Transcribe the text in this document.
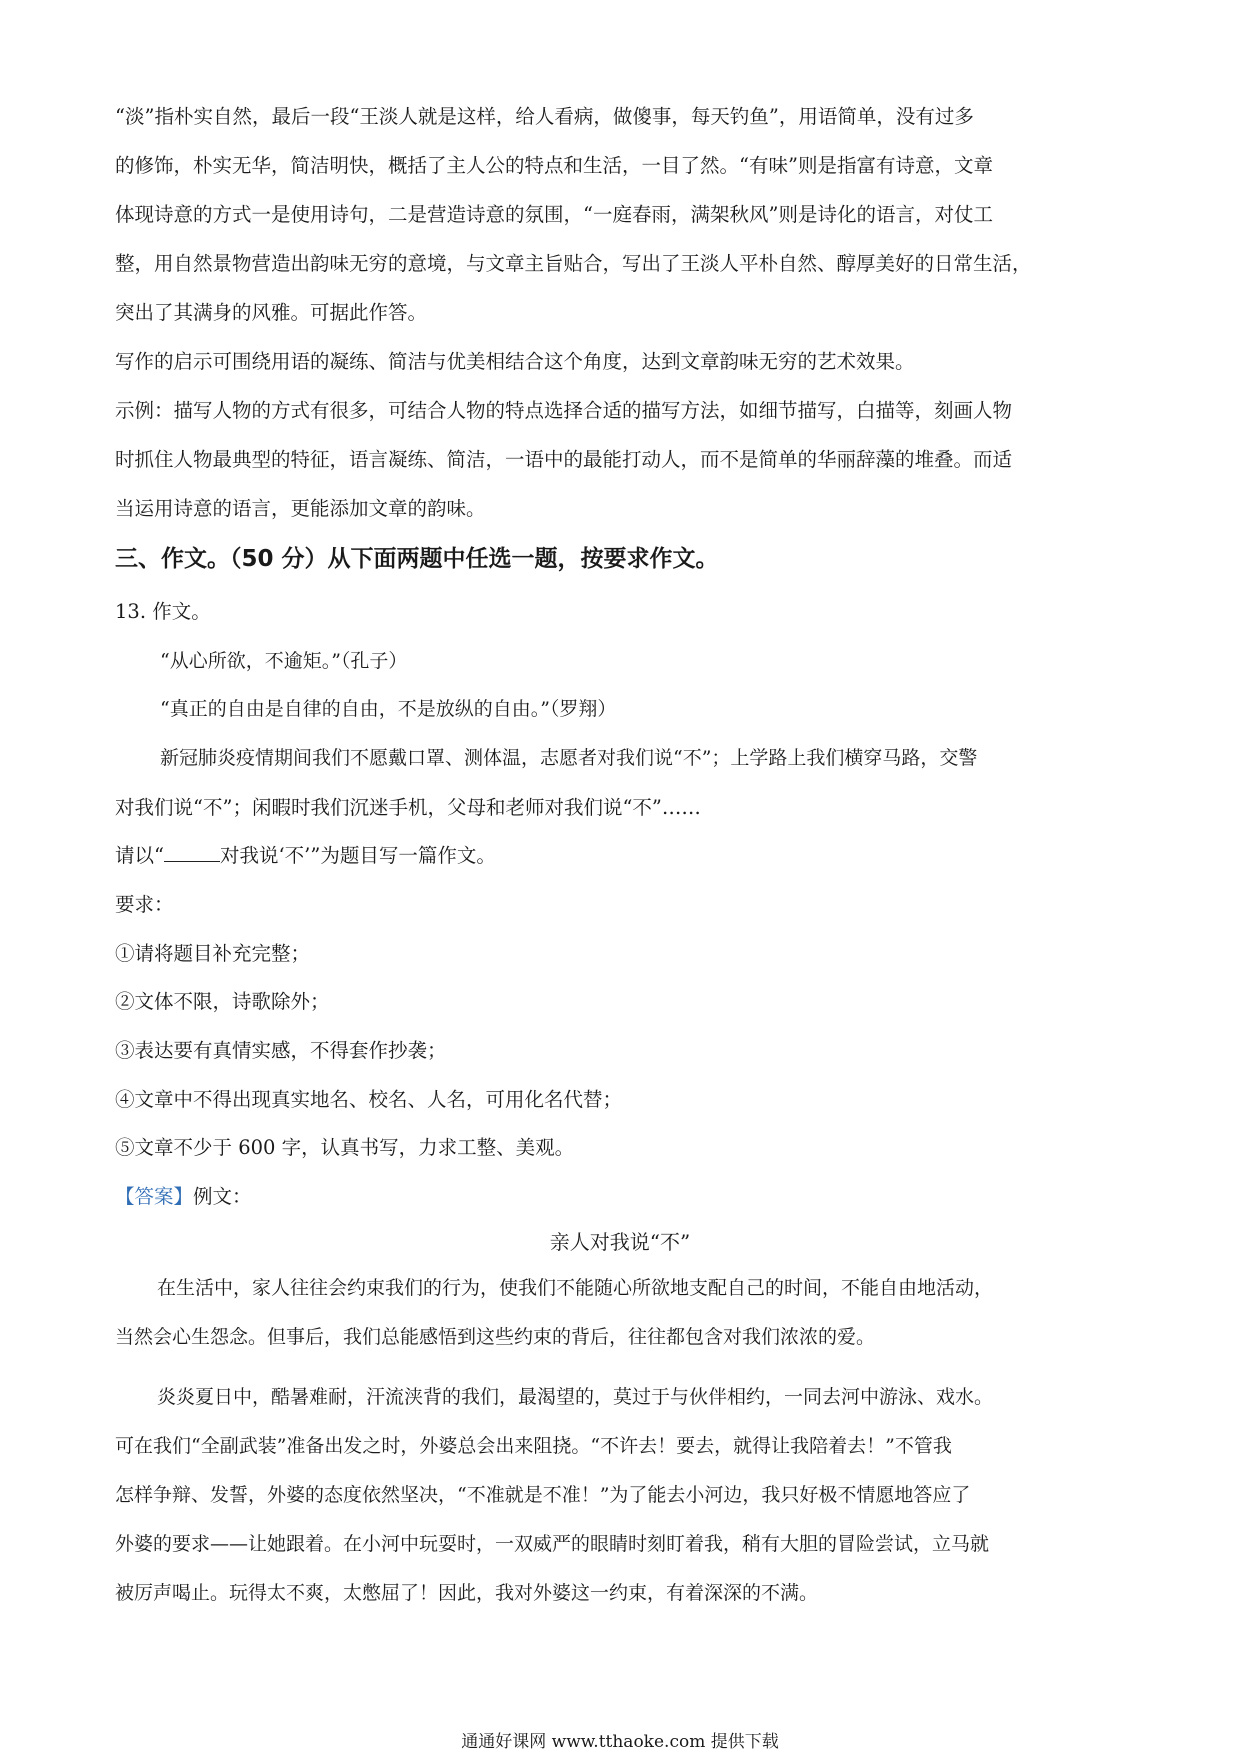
“淡”指朴实自然，最后一段“王淡人就是这样，给人看病，做傻事，每天钓鱼”，用语简单，没有过多
的修饰，朴实无华，简洁明快，概括了主人公的特点和生活，一目了然。“有味”则是指富有诗意，文章
体现诗意的方式一是使用诗句，二是营造诗意的氛围，“一庭春雨，满架秋风”则是诗化的语言，对仗工
整，用自然景物营造出韵味无穷的意境，与文章主旨贴合，写出了王淡人平朴自然、醇厚美好的日常生活，
突出了其满身的风雅。可据此作答。
写作的启示可围绕用语的凝练、简洁与优美相结合这个角度，达到文章韵味无穷的艺术效果。
示例：描写人物的方式有很多，可结合人物的特点选择合适的描写方法，如细节描写，白描等，刻画人物
时抓住人物最典型的特征，语言凝练、简洁，一语中的最能打动人，而不是简单的华丽辞藻的堆叠。而适
当运用诗意的语言，更能添加文章的韵味。
三、作文。（50 分）从下面两题中任选一题，按要求作文。
13. 作文。
“从心所欲，不逾矩。”（孔子）
“真正的自由是自律的自由，不是放纵的自由。”（罗翔）
新冠肺炎疫情期间我们不愿戴口罩、测体温，志愿者对我们说“不”；上学路上我们横穿马路，交警
对我们说“不”；闲暇时我们沉迷手机，父母和老师对我们说“不”……
请以“	对我说‘不’”为题目写一篇作文。
要求：
①请将题目补充完整；
②文体不限，诗歌除外；
③表达要有真情实感，不得套作抄袭；
④文章中不得出现真实地名、校名、人名，可用化名代替；
⑤文章不少于 600 字，认真书写，力求工整、美观。
【答案】例文：
亲人对我说“不”
在生活中，家人往往会约束我们的行为，使我们不能随心所欲地支配自己的时间，不能自由地活动，
当然会心生怨念。但事后，我们总能感悟到这些约束的背后，往往都包含对我们浓浓的爱。
炎炎夏日中，酷暑难耐，汗流浃背的我们，最渴望的，莫过于与伙伴相约，一同去河中游泳、戏水。
可在我们“全副武装”准备出发之时，外婆总会出来阻挠。“不许去！要去，就得让我陪着去！”不管我
怎样争辩、发誓，外婆的态度依然坚决，“不准就是不准！”为了能去小河边，我只好极不情愿地答应了
外婆的要求——让她跟着。在小河中玩耍时，一双威严的眼睛时刻盯着我，稍有大胆的冒险尝试，立马就
被厉声喝止。玩得太不爽，太憋屈了！因此，我对外婆这一约束，有着深深的不满。
通通好课网 www.tthaoke.com 提供下载
